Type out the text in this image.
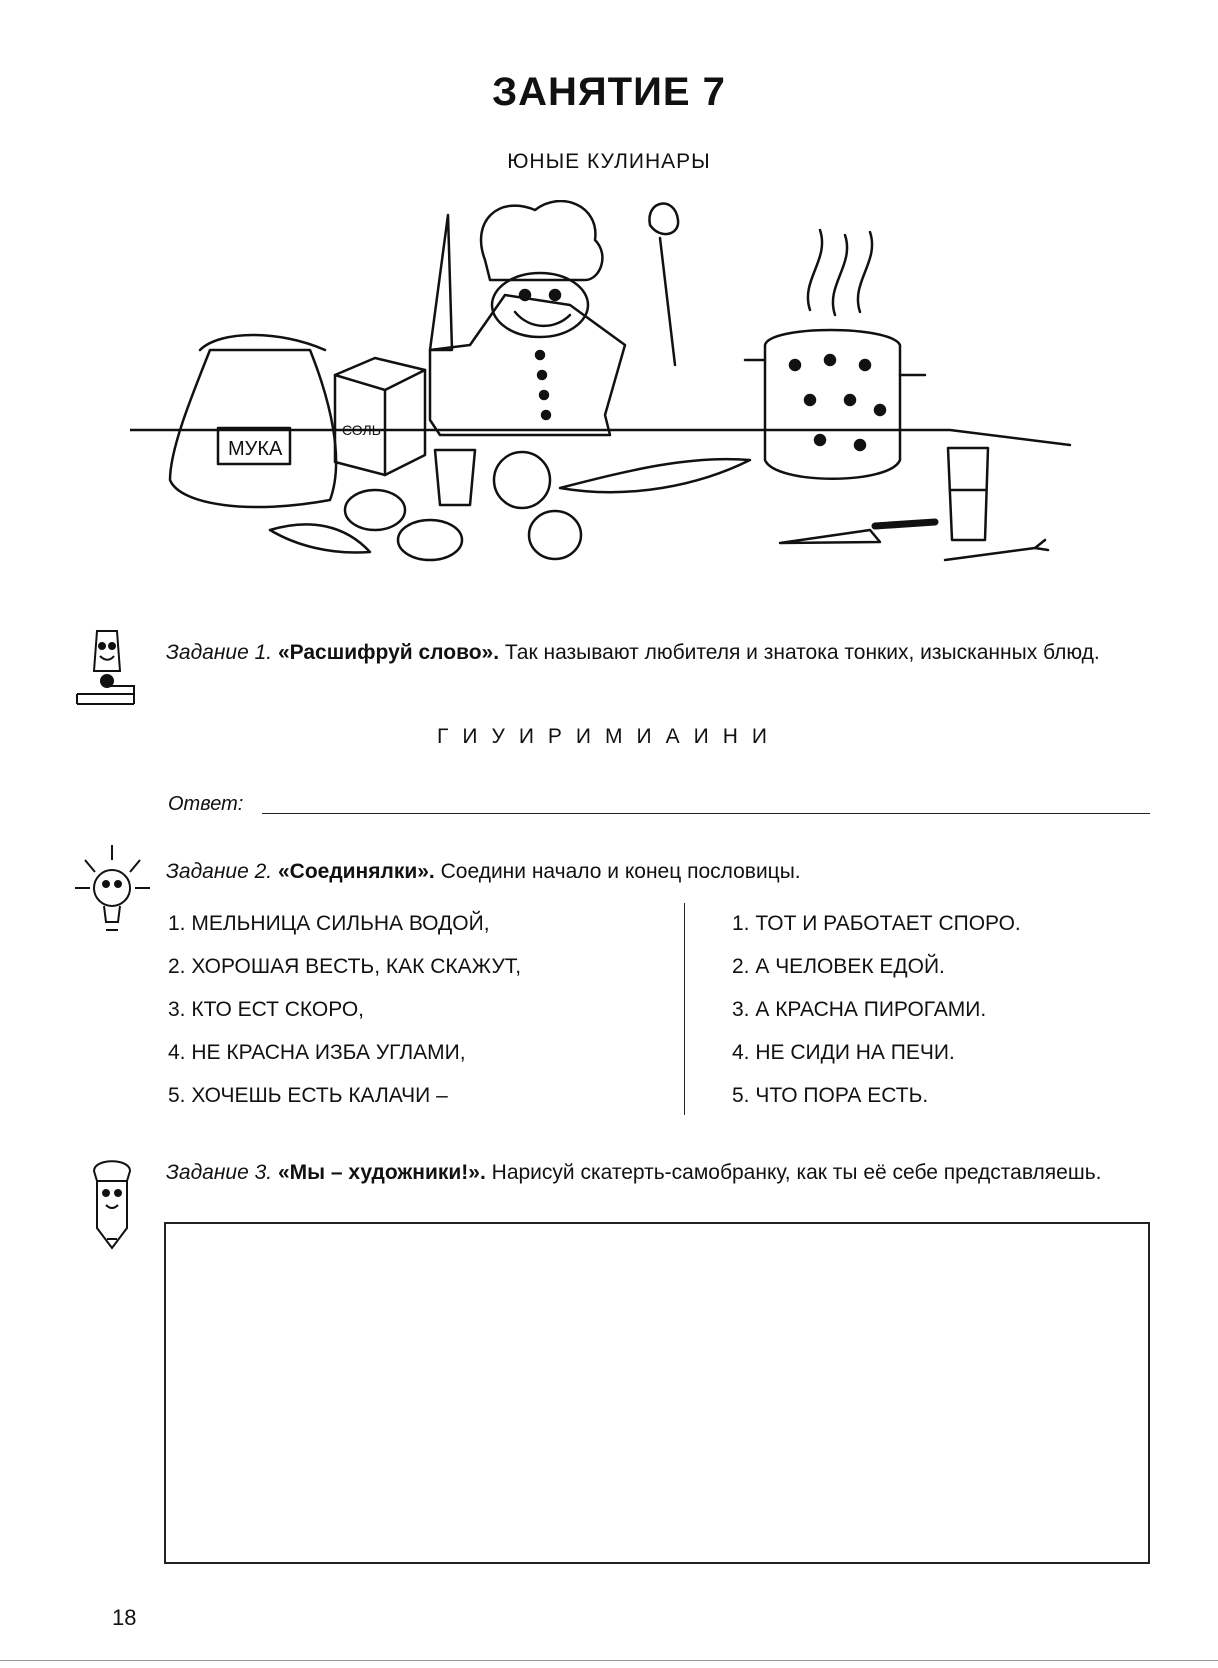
ЗАНЯТИЕ 7
ЮНЫЕ КУЛИНАРЫ
МУКА
СОЛЬ
Задание 1. «Расшифруй слово». Так называют любителя и знатока тонких, изысканных блюд.
ГИУИРИМИАИНИ
Ответ:
Задание 2. «Соединялки». Соедини начало и конец пословицы.
1. МЕЛЬНИЦА СИЛЬНА ВОДОЙ,
2. ХОРОШАЯ ВЕСТЬ, КАК СКАЖУТ,
3. КТО ЕСТ СКОРО,
4. НЕ КРАСНА ИЗБА УГЛАМИ,
5. ХОЧЕШЬ ЕСТЬ КАЛАЧИ –
1. ТОТ И РАБОТАЕТ СПОРО.
2. А ЧЕЛОВЕК ЕДОЙ.
3. А КРАСНА ПИРОГАМИ.
4. НЕ СИДИ НА ПЕЧИ.
5. ЧТО ПОРА ЕСТЬ.
Задание 3. «Мы – художники!». Нарисуй скатерть-самобранку, как ты её себе представляешь.
18
